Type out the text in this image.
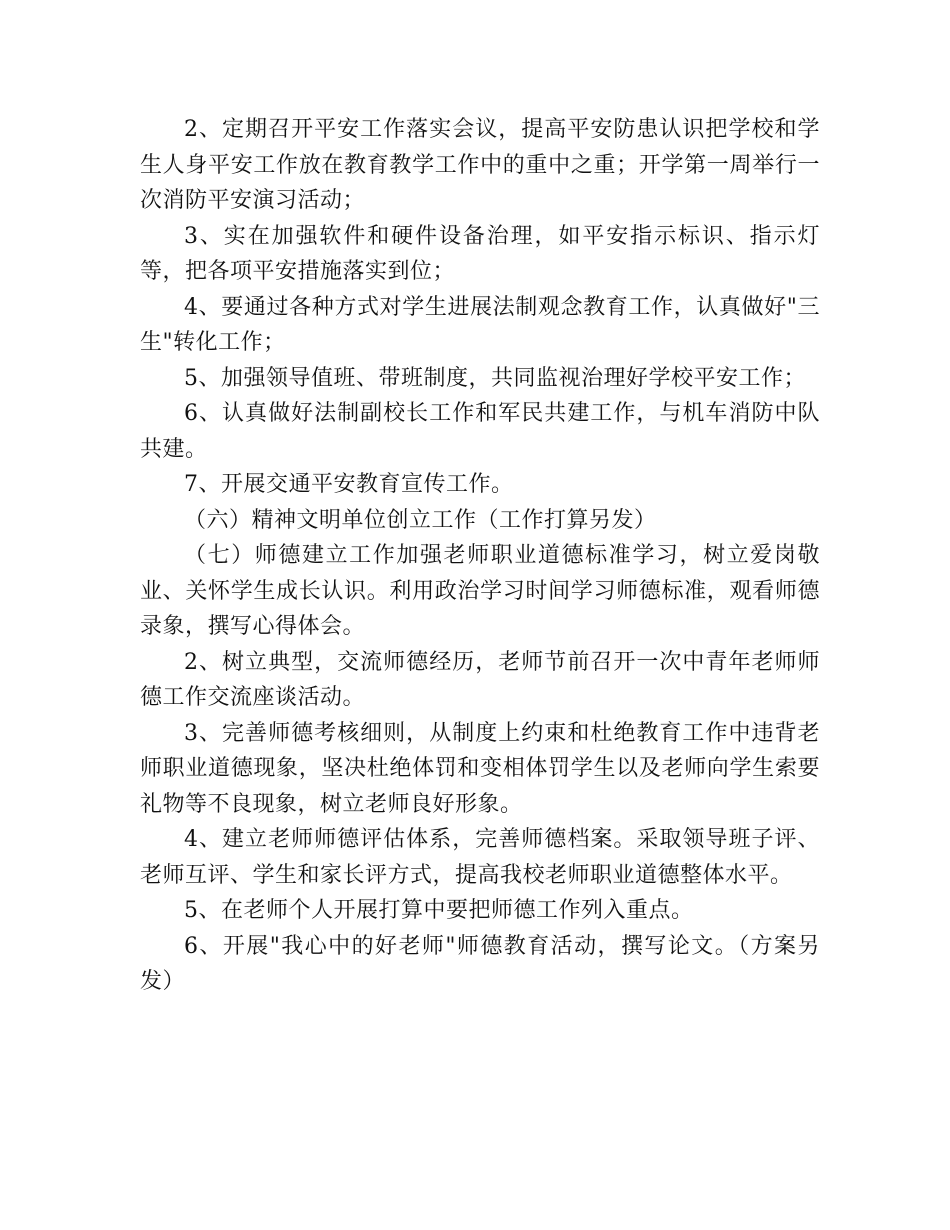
2、定期召开平安工作落实会议，提高平安防患认识把学校和学生人身平安工作放在教育教学工作中的重中之重；开学第一周举行一次消防平安演习活动；

3、实在加强软件和硬件设备治理，如平安指示标识、指示灯等，把各项平安措施落实到位；

4、要通过各种方式对学生进展法制观念教育工作，认真做好"三生"转化工作；

5、加强领导值班、带班制度，共同监视治理好学校平安工作；

6、认真做好法制副校长工作和军民共建工作，与机车消防中队共建。

7、开展交通平安教育宣传工作。

（六）精神文明单位创立工作（工作打算另发）

（七）师德建立工作加强老师职业道德标准学习，树立爱岗敬业、关怀学生成长认识。利用政治学习时间学习师德标准，观看师德录象，撰写心得体会。

2、树立典型，交流师德经历，老师节前召开一次中青年老师师德工作交流座谈活动。

3、完善师德考核细则，从制度上约束和杜绝教育工作中违背老师职业道德现象，坚决杜绝体罚和变相体罚学生以及老师向学生索要礼物等不良现象，树立老师良好形象。

4、建立老师师德评估体系，完善师德档案。采取领导班子评、老师互评、学生和家长评方式，提高我校老师职业道德整体水平。

5、在老师个人开展打算中要把师德工作列入重点。

6、开展"我心中的好老师"师德教育活动，撰写论文。（方案另发）
